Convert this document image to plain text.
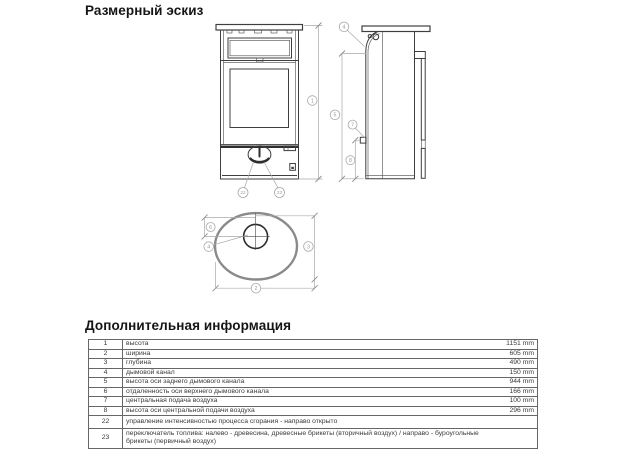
Размерный эскиз
22	23
1
4
5
7
8
6
4	3
2
Дополнительная информация
1	высота	1151 mm
2	ширина	605 mm
3	глубина	490 mm
4	дымовой канал	150 mm
5	высота оси заднего дымового канала	944 mm
6	отдаленность оси верхнего дымового канала	166 mm
7	центральная подача воздуха	100 mm
8	высота оси центральной подачи воздуха	296 mm
22	управление интенсивностью процесса сгорания - направо открыто	
23	переключатель топлива: налево - древесина, древесные брикеты (вторичный воздух) / направо - буроугольные брикеты (первичный воздух)	
